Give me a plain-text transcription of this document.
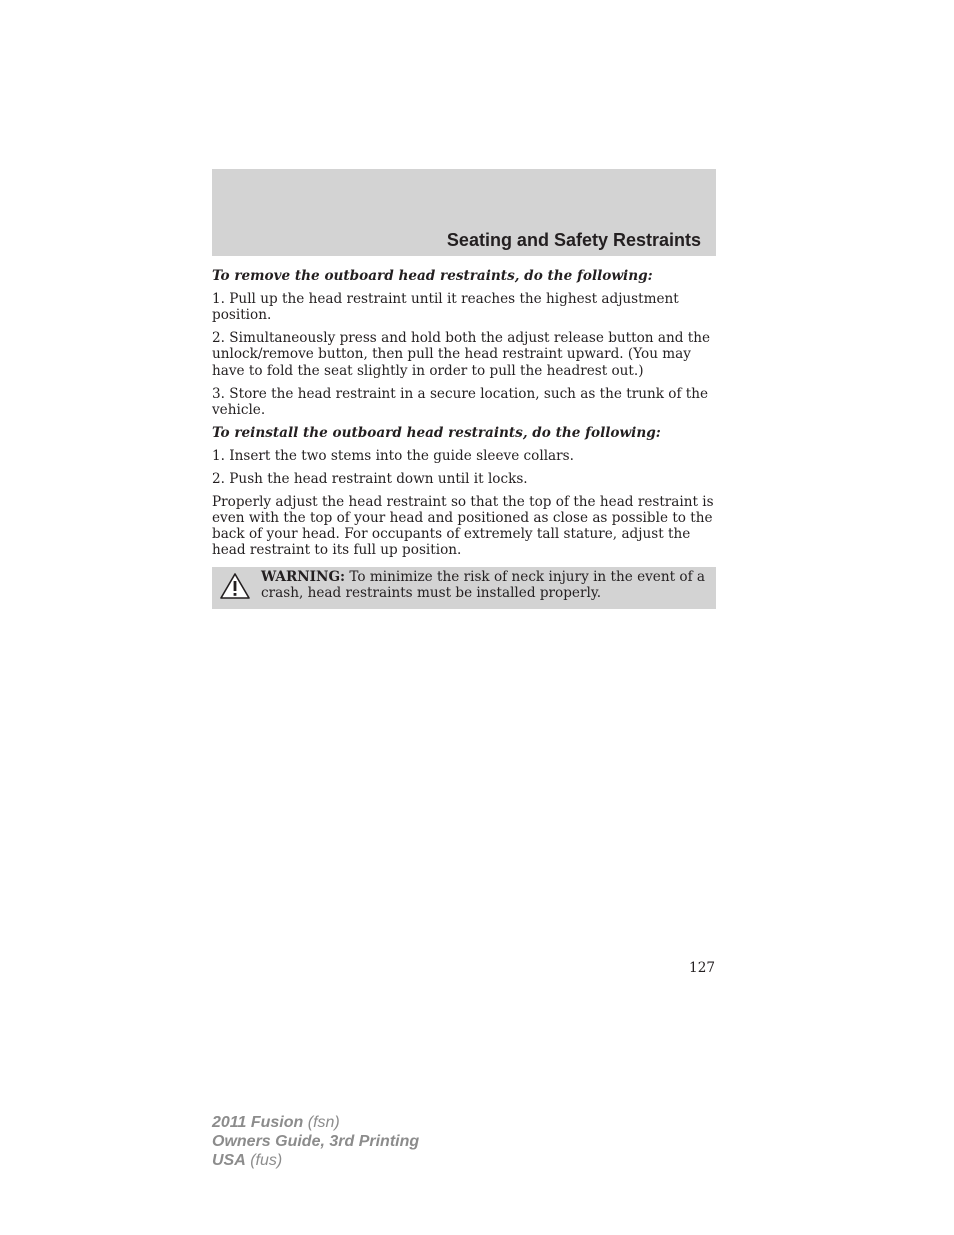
Seating and Safety Restraints

To remove the outboard head restraints, do the following:

1. Pull up the head restraint until it reaches the highest adjustment position.

2. Simultaneously press and hold both the adjust release button and the unlock/remove button, then pull the head restraint upward. (You may have to fold the seat slightly in order to pull the headrest out.)

3. Store the head restraint in a secure location, such as the trunk of the vehicle.

To reinstall the outboard head restraints, do the following:

1. Insert the two stems into the guide sleeve collars.

2. Push the head restraint down until it locks.

Properly adjust the head restraint so that the top of the head restraint is even with the top of your head and positioned as close as possible to the back of your head. For occupants of extremely tall stature, adjust the head restraint to its full up position.

WARNING: To minimize the risk of neck injury in the event of a crash, head restraints must be installed properly.
127
2011 Fusion (fsn)
Owners Guide, 3rd Printing
USA (fus)
